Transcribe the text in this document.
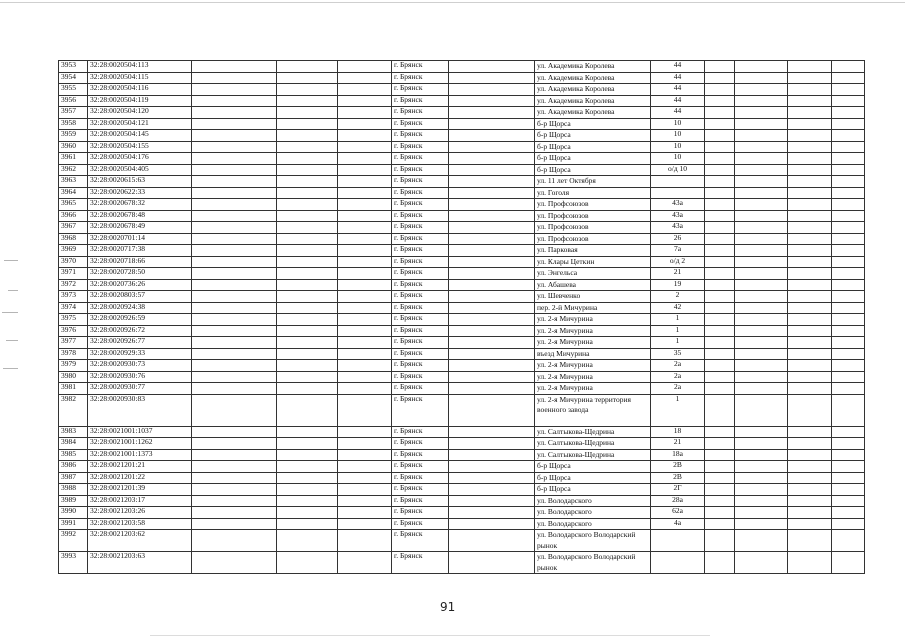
3953	32:28:0020504:113				г. Брянск		ул. Академика Королева	44				
3954	32:28:0020504:115				г. Брянск		ул. Академика Королева	44				
3955	32:28:0020504:116				г. Брянск		ул. Академика Королева	44				
3956	32:28:0020504:119				г. Брянск		ул. Академика Королева	44				
3957	32:28:0020504:120				г. Брянск		ул. Академика Королева	44				
3958	32:28:0020504:121				г. Брянск		б-р Щорса	10				
3959	32:28:0020504:145				г. Брянск		б-р Щорса	10				
3960	32:28:0020504:155				г. Брянск		б-р Щорса	10				
3961	32:28:0020504:176				г. Брянск		б-р Щорса	10				
3962	32:28:0020504:405				г. Брянск		б-р Щорса	о/д 10				
3963	32:28:0020615:63				г. Брянск		ул. 11 лет Октября					
3964	32:28:0020622:33				г. Брянск		ул. Гоголя					
3965	32:28:0020678:32				г. Брянск		ул. Профсоюзов	43а				
3966	32:28:0020678:48				г. Брянск		ул. Профсоюзов	43а				
3967	32:28:0020678:49				г. Брянск		ул. Профсоюзов	43а				
3968	32:28:0020701:14				г. Брянск		ул. Профсоюзов	26				
3969	32:28:0020717:38				г. Брянск		ул. Парковая	7а				
3970	32:28:0020718:66				г. Брянск		ул. Клары Цеткин	о/д 2				
3971	32:28:0020728:50				г. Брянск		ул. Энгельса	21				
3972	32:28:0020736:26				г. Брянск		ул. Абашева	19				
3973	32:28:0020803:57				г. Брянск		ул. Шевченко	2				
3974	32:28:0020924:38				г. Брянск		пер. 2-й Мичурина	42				
3975	32:28:0020926:59				г. Брянск		ул. 2-я Мичурина	1				
3976	32:28:0020926:72				г. Брянск		ул. 2-я Мичурина	1				
3977	32:28:0020926:77				г. Брянск		ул. 2-я Мичурина	1				
3978	32:28:0020929:33				г. Брянск		въезд Мичурина	35				
3979	32:28:0020930:73				г. Брянск		ул. 2-я Мичурина	2а				
3980	32:28:0020930:76				г. Брянск		ул. 2-я Мичурина	2а				
3981	32:28:0020930:77				г. Брянск		ул. 2-я Мичурина	2а				
3982	32:28:0020930:83				г. Брянск		ул. 2-я Мичурина территория военного завода	1				
3983	32:28:0021001:1037				г. Брянск		ул. Салтыкова-Щедрина	18				
3984	32:28:0021001:1262				г. Брянск		ул. Салтыкова-Щедрина	21				
3985	32:28:0021001:1373				г. Брянск		ул. Салтыкова-Щедрина	18а				
3986	32:28:0021201:21				г. Брянск		б-р Щорса	2В				
3987	32:28:0021201:22				г. Брянск		б-р Щорса	2В				
3988	32:28:0021201:39				г. Брянск		б-р Щорса	2Г				
3989	32:28:0021203:17				г. Брянск		ул. Володарского	28а				
3990	32:28:0021203:26				г. Брянск		ул. Володарского	62а				
3991	32:28:0021203:58				г. Брянск		ул. Володарского	4а				
3992	32:28:0021203:62				г. Брянск		ул. Володарского Володарский рынок					
3993	32:28:0021203:63				г. Брянск		ул. Володарского Володарский рынок					
91
